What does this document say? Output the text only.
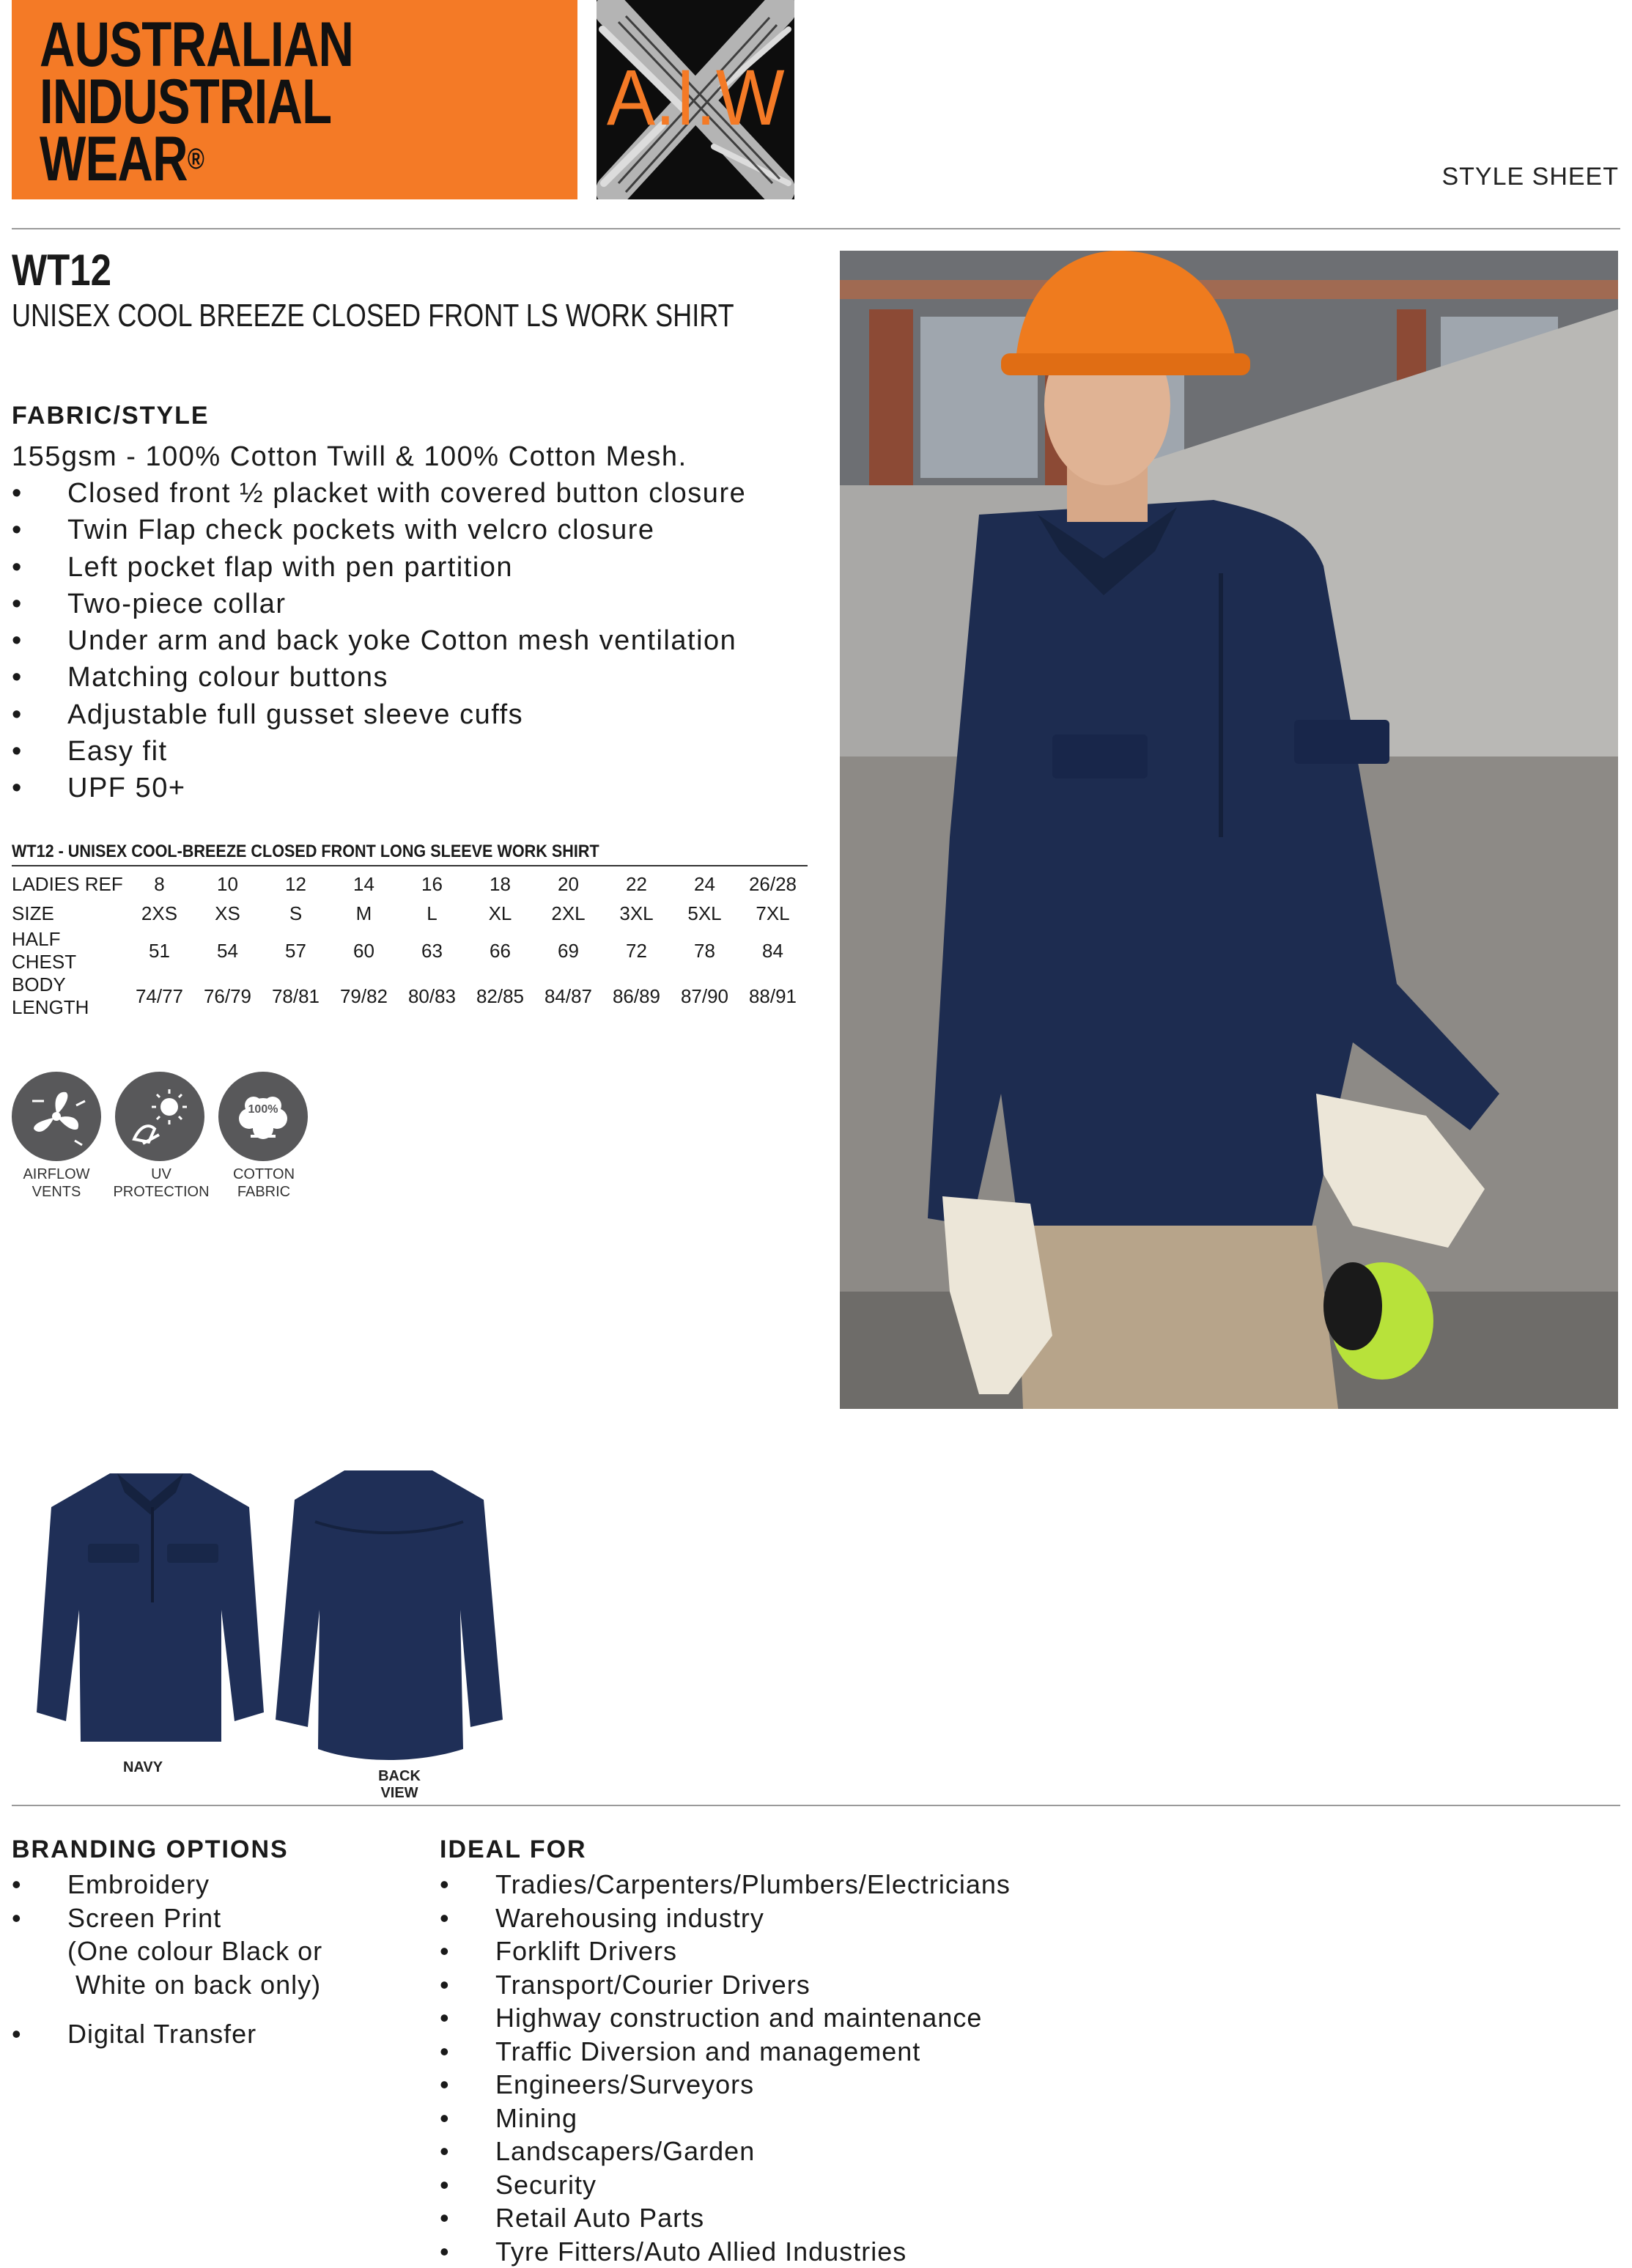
AUSTRALIAN
INDUSTRIAL
WEAR®
A.I.W
STYLE SHEET
WT12
UNISEX COOL BREEZE CLOSED FRONT LS WORK SHIRT
FABRIC/STYLE
155gsm - 100% Cotton Twill & 100% Cotton Mesh.
• Closed front ½ placket with covered button closure
• Twin Flap check pockets with velcro closure
• Left pocket flap with pen partition
• Two-piece collar
• Under arm and back yoke Cotton mesh ventilation
• Matching colour buttons
• Adjustable full gusset sleeve cuffs
• Easy fit
• UPF 50+
WT12 - UNISEX COOL-BREEZE CLOSED FRONT LONG SLEEVE WORK SHIRT
LADIES REF	8	10	12	14	16	18	20	22	24	26/28
SIZE	2XS	XS	S	M	L	XL	2XL	3XL	5XL	7XL
HALF CHEST	51	54	57	60	63	66	69	72	78	84
BODY LENGTH	74/77	76/79	78/81	79/82	80/83	82/85	84/87	86/89	87/90	88/91
100%
AIRFLOW
VENTS
UV PROTECTION
COTTON FABRIC
NAVY
BACK VIEW
BRANDING OPTIONS
• Embroidery
• Screen Print
(One colour Black or
White on back only)
• Digital Transfer
IDEAL FOR
• Tradies/Carpenters/Plumbers/Electricians
• Warehousing industry
• Forklift Drivers
• Transport/Courier Drivers
• Highway construction and maintenance
• Traffic Diversion and management
• Engineers/Surveyors
• Mining
• Landscapers/Garden
• Security
• Retail Auto Parts
• Tyre Fitters/Auto Allied Industries
